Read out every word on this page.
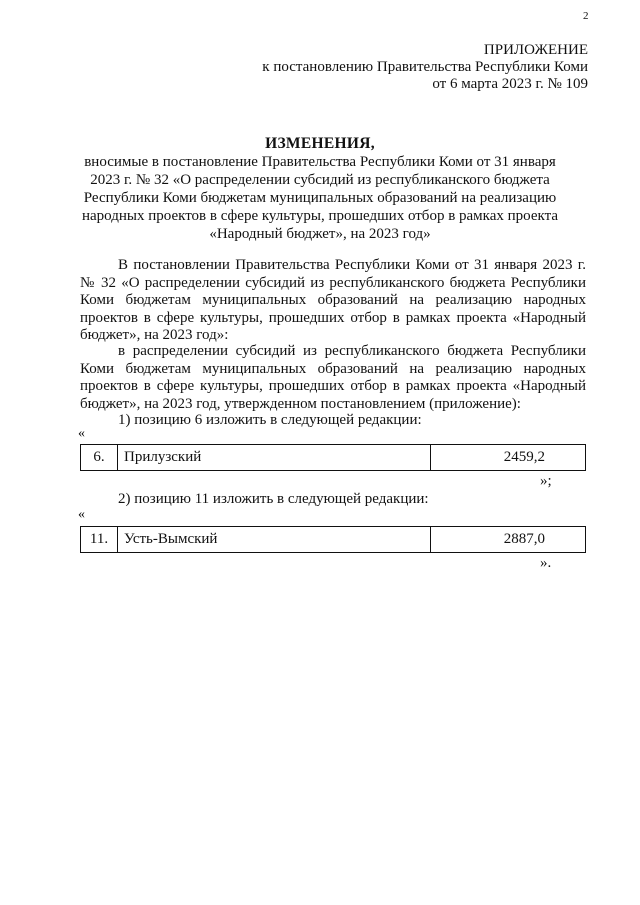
2
ПРИЛОЖЕНИЕ
к постановлению Правительства Республики Коми
от 6 марта 2023 г. № 109
ИЗМЕНЕНИЯ,
вносимые в постановление Правительства Республики Коми от 31 января
2023 г. № 32 «О распределении субсидий из республиканского бюджета
Республики Коми бюджетам муниципальных образований на реализацию
народных проектов в сфере культуры, прошедших отбор в рамках проекта
«Народный бюджет», на 2023 год»
В постановлении Правительства Республики Коми от 31 января 2023 г. № 32 «О распределении субсидий из республиканского бюджета Республики Коми бюджетам муниципальных образований на реализацию народных проектов в сфере культуры, прошедших отбор в рамках проекта «Народный бюджет», на 2023 год»:
в распределении субсидий из республиканского бюджета Республики Коми бюджетам муниципальных образований на реализацию народных проектов в сфере культуры, прошедших отбор в рамках проекта «Народный бюджет», на 2023 год, утвержденном постановлением (приложение):
1) позицию 6 изложить в следующей редакции:
«
6.	Прилузский	2459,2
»;
2) позицию 11 изложить в следующей редакции:
«
11.	Усть-Вымский	2887,0
».
